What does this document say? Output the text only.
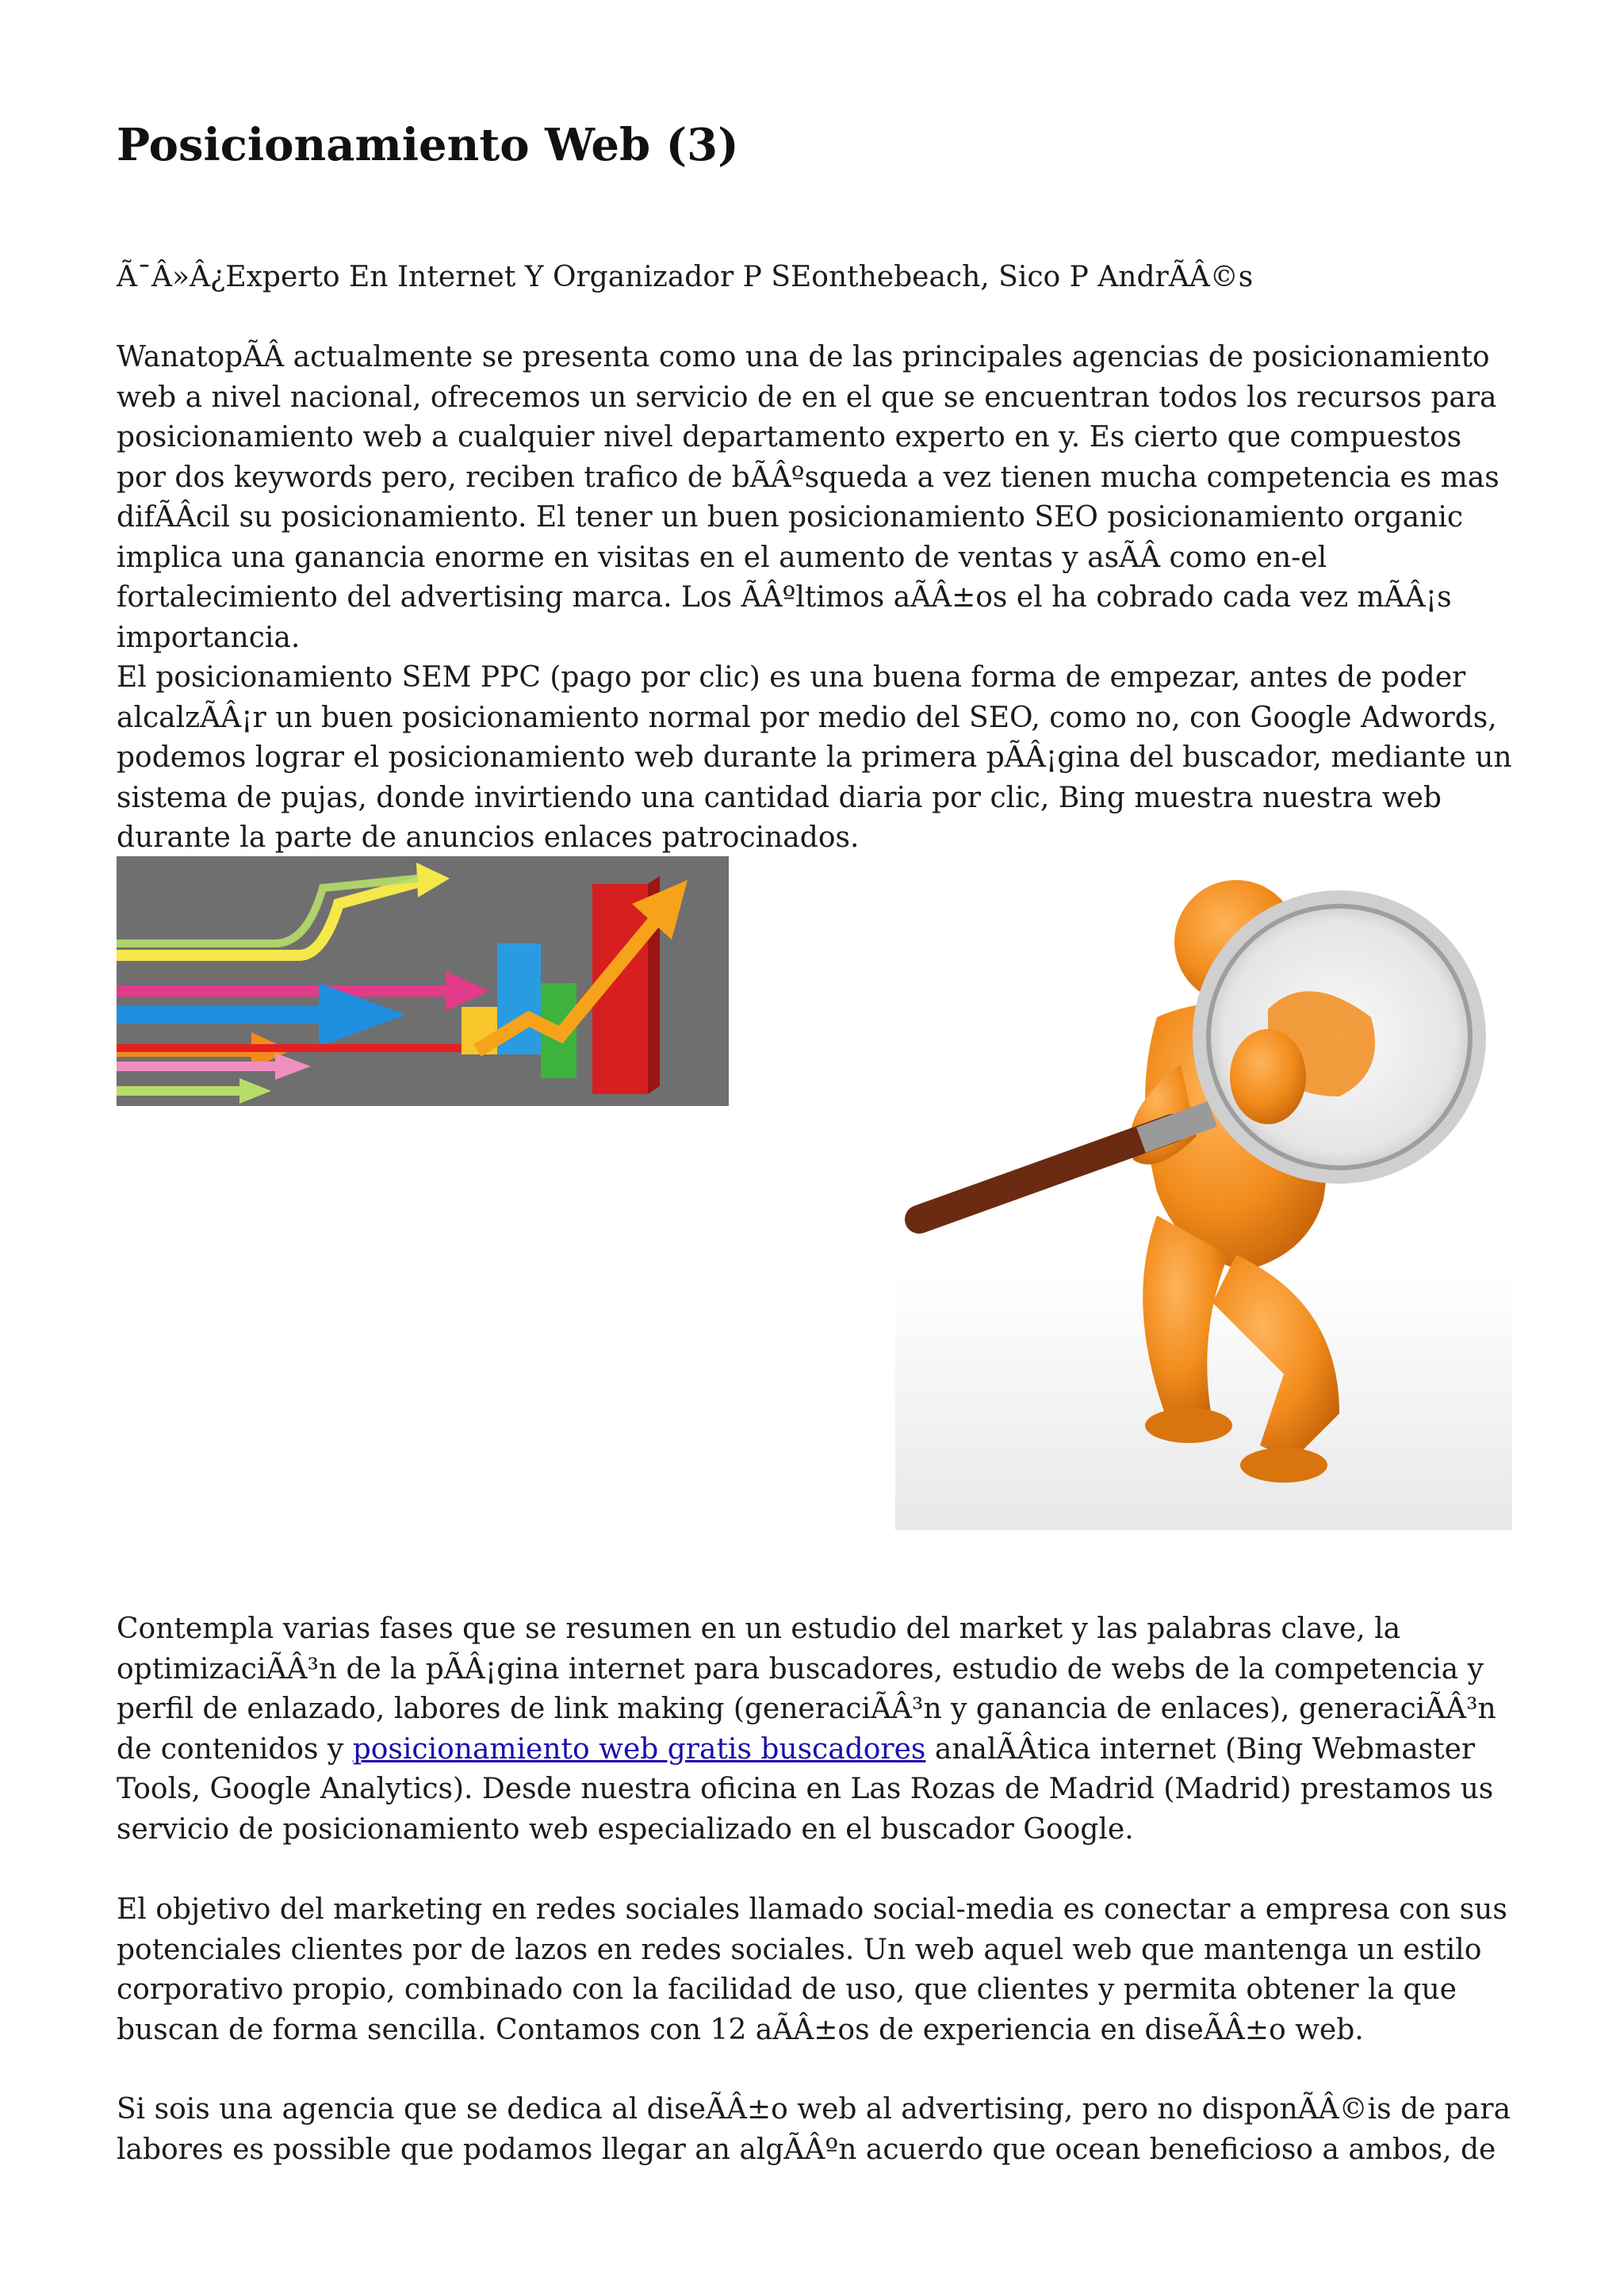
Posicionamiento Web (3)

Ã¯Â»Â¿Experto En Internet Y Organizador P SEonthebeach, Sico P AndrÃÂ©s

WanatopÃÂ actualmente se presenta como una de las principales agencias de posicionamiento web a nivel nacional, ofrecemos un servicio de en el que se encuentran todos los recursos para posicionamiento web a cualquier nivel departamento experto en y. Es cierto que compuestos por dos keywords pero, reciben trafico de bÃÂºsqueda a vez tienen mucha competencia es mas difÃÂcil su posicionamiento. El tener un buen posicionamiento SEO posicionamiento organic implica una ganancia enorme en visitas en el aumento de ventas y asÃÂ como en-el fortalecimiento del advertising marca. Los ÃÂºltimos aÃÂ±os el ha cobrado cada vez mÃÂ¡s importancia.

El posicionamiento SEM PPC (pago por clic) es una buena forma de empezar, antes de poder alcalzÃÂ¡r un buen posicionamiento normal por medio del SEO, como no, con Google Adwords, podemos lograr el posicionamiento web durante la primera pÃÂ¡gina del buscador, mediante un sistema de pujas, donde invirtiendo una cantidad diaria por clic, Bing muestra nuestra web durante la parte de anuncios enlaces patrocinados.

Contempla varias fases que se resumen en un estudio del market y las palabras clave, la optimizaciÃÂ³n de la pÃÂ¡gina internet para buscadores, estudio de webs de la competencia y perfil de enlazado, labores de link making (generaciÃÂ³n y ganancia de enlaces), generaciÃÂ³n de contenidos y posicionamiento web gratis buscadores analÃÂtica internet (Bing Webmaster Tools, Google Analytics). Desde nuestra oficina en Las Rozas de Madrid (Madrid) prestamos us servicio de posicionamiento web especializado en el buscador Google.

El objetivo del marketing en redes sociales llamado social-media es conectar a empresa con sus potenciales clientes por de lazos en redes sociales. Un web aquel web que mantenga un estilo corporativo propio, combinado con la facilidad de uso, que clientes y permita obtener la que buscan de forma sencilla. Contamos con 12 aÃÂ±os de experiencia en diseÃÂ±o web.

Si sois una agencia que se dedica al diseÃÂ±o web al advertising, pero no disponÃÂ©is de para labores es possible que podamos llegar an algÃÂºn acuerdo que ocean beneficioso a ambos, de
